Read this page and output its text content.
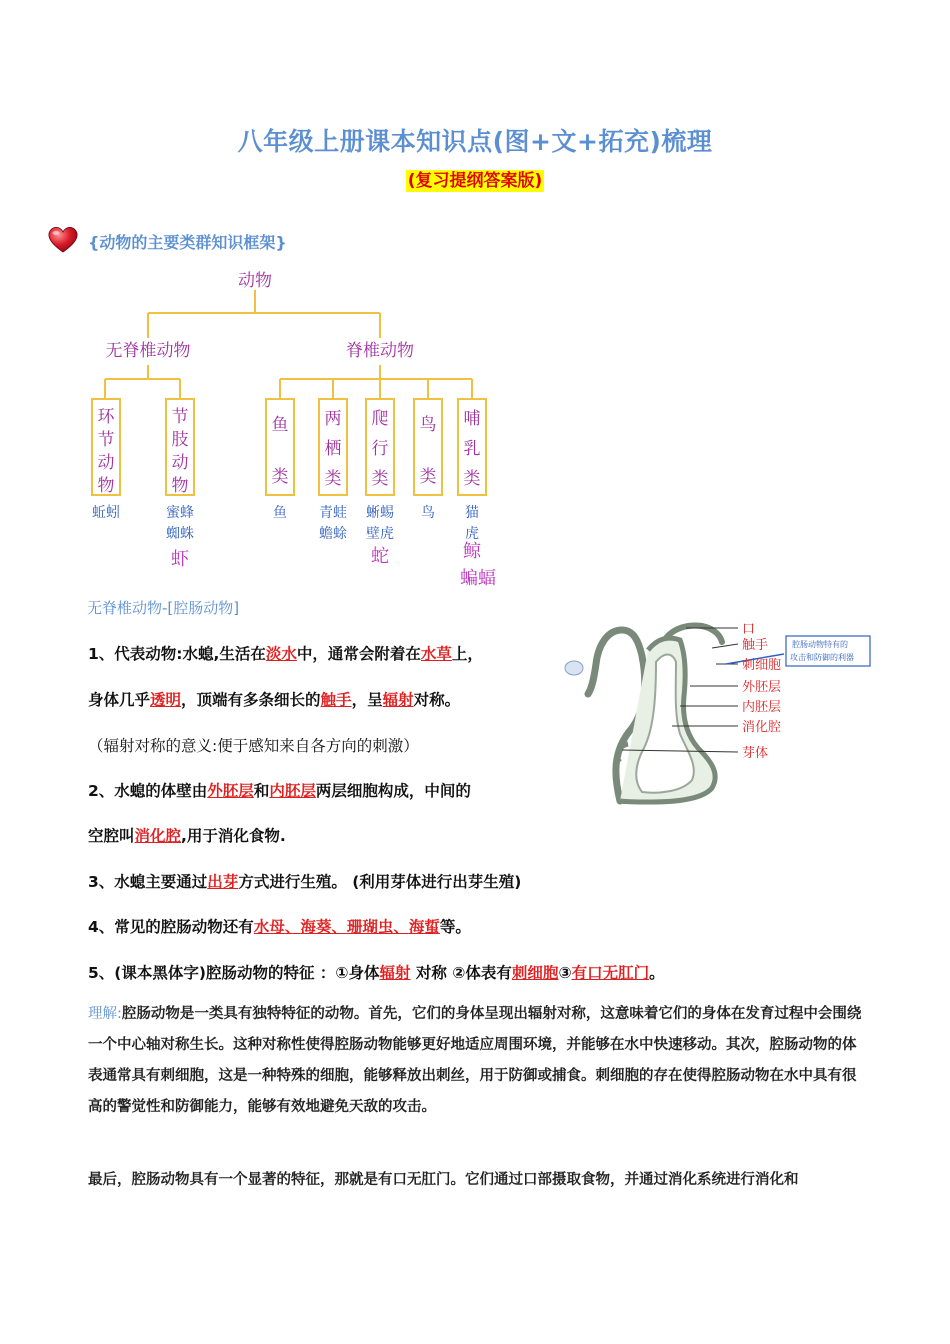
八年级上册课本知识点(图+文+拓充)梳理
(复习提纲答案版)
{动物的主要类群知识框架}
动物
无脊椎动物	脊椎动物
环
节
动
物
节
肢
动
物
鱼
类
两
栖
类
爬
行
类
鸟
类
哺
乳
类
蚯蚓	蜜蜂
蜘蛛
鱼 青蛙
蟾蜍
蜥蜴
壁虎
鸟 猫
虎
虾	蛇	鲸
蝙蝠
无脊椎动物-[腔肠动物]
口
触手
刺细胞
外胚层
内胚层
消化腔
芽体
腔肠动物特有的
攻击和防御的利器
1、代表动物:水螅,生活在淡水中，通常会附着在水草上，
身体几乎透明，顶端有多条细长的触手，呈辐射对称。
（辐射对称的意义:便于感知来自各方向的刺激）
2、水螅的体壁由外胚层和内胚层两层细胞构成，中间的
空腔叫消化腔,用于消化食物.
3、水螅主要通过出芽方式进行生殖。 (利用芽体进行出芽生殖)
4、常见的腔肠动物还有水母、海葵、珊瑚虫、海蜇等。
5、(课本黑体字)腔肠动物的特征 ：①身体辐射 对称 ②体表有刺细胞③有口无肛门。
理解:腔肠动物是一类具有独特特征的动物。首先，它们的身体呈现出辐射对称，这意味着它们的身体在发育过程中会围绕一个中心轴对称生长。这种对称性使得腔肠动物能够更好地适应周围环境，并能够在水中快速移动。其次，腔肠动物的体表通常具有刺细胞，这是一种特殊的细胞，能够释放出刺丝，用于防御或捕食。刺细胞的存在使得腔肠动物在水中具有很高的警觉性和防御能力，能够有效地避免天敌的攻击。
最后，腔肠动物具有一个显著的特征，那就是有口无肛门。它们通过口部摄取食物，并通过消化系统进行消化和
